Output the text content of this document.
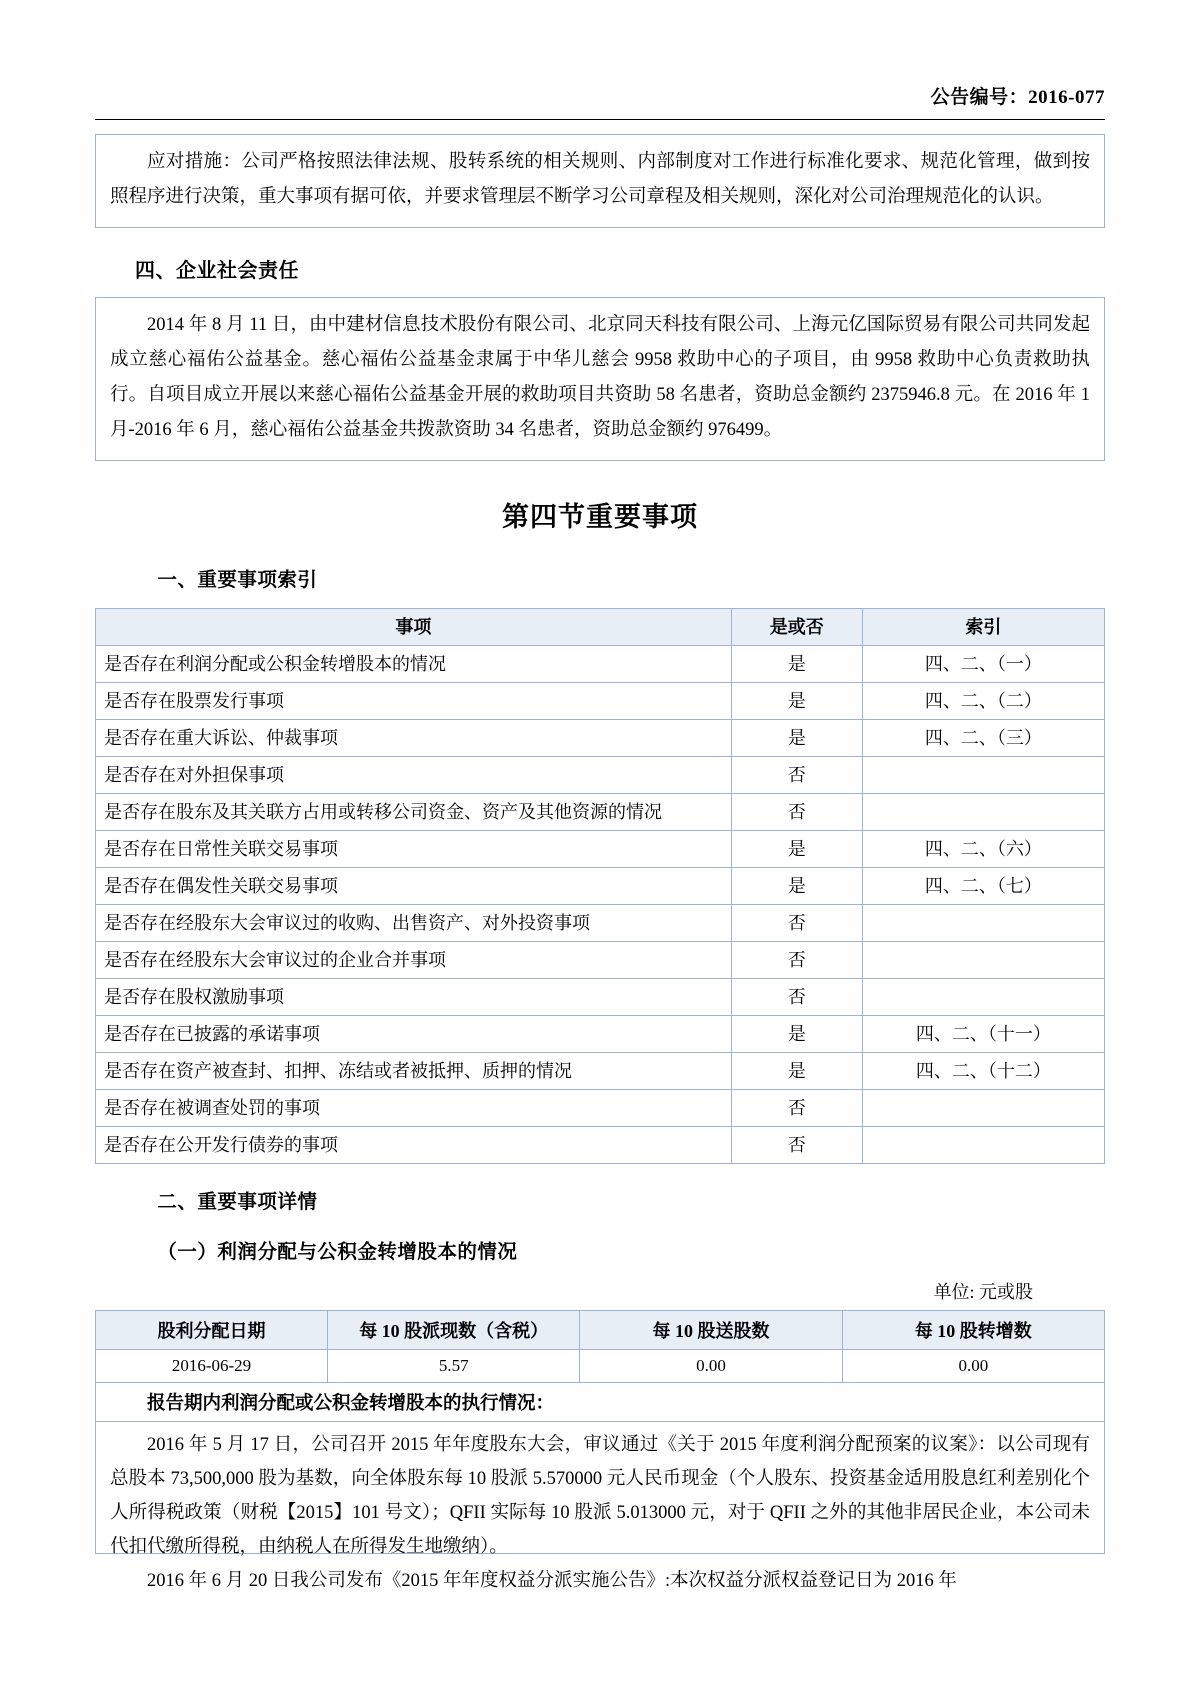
公告编号：2016-077

应对措施：公司严格按照法律法规、股转系统的相关规则、内部制度对工作进行标准化要求、规范化管理，做到按照程序进行决策，重大事项有据可依，并要求管理层不断学习公司章程及相关规则，深化对公司治理规范化的认识。

四、企业社会责任

2014 年 8 月 11 日，由中建材信息技术股份有限公司、北京同天科技有限公司、上海元亿国际贸易有限公司共同发起成立慈心福佑公益基金。慈心福佑公益基金隶属于中华儿慈会 9958 救助中心的子项目，由 9958 救助中心负责救助执行。自项目成立开展以来慈心福佑公益基金开展的救助项目共资助 58 名患者，资助总金额约 2375946.8 元。在 2016 年 1 月-2016 年 6 月，慈心福佑公益基金共拨款资助 34 名患者，资助总金额约 976499。

第四节重要事项
一、重要事项索引
事项	是或否	索引
是否存在利润分配或公积金转增股本的情况	是	四、二、（一）
是否存在股票发行事项	是	四、二、（二）
是否存在重大诉讼、仲裁事项	是	四、二、（三）
是否存在对外担保事项	否	
是否存在股东及其关联方占用或转移公司资金、资产及其他资源的情况	否	
是否存在日常性关联交易事项	是	四、二、（六）
是否存在偶发性关联交易事项	是	四、二、（七）
是否存在经股东大会审议过的收购、出售资产、对外投资事项	否	
是否存在经股东大会审议过的企业合并事项	否	
是否存在股权激励事项	否	
是否存在已披露的承诺事项	是	四、二、（十一）
是否存在资产被查封、扣押、冻结或者被抵押、质押的情况	是	四、二、（十二）
是否存在被调查处罚的事项	否	
是否存在公开发行债券的事项	否	
二、重要事项详情
（一）利润分配与公积金转增股本的情况
单位: 元或股
股利分配日期	每 10 股派现数（含税）	每 10 股送股数	每 10 股转增数
2016-06-29	5.57	0.00	0.00
报告期内利润分配或公积金转增股本的执行情况：

2016 年 5 月 17 日，公司召开 2015 年年度股东大会，审议通过《关于 2015 年度利润分配预案的议案》：以公司现有总股本 73,500,000 股为基数，向全体股东每 10 股派 5.570000 元人民币现金（个人股东、投资基金适用股息红利差别化个人所得税政策（财税【2015】101 号文）；QFII 实际每 10 股派 5.013000 元，对于 QFII 之外的其他非居民企业，本公司未代扣代缴所得税，由纳税人在所得发生地缴纳）。

2016 年 6 月 20 日我公司发布《2015 年年度权益分派实施公告》:本次权益分派权益登记日为 2016 年
